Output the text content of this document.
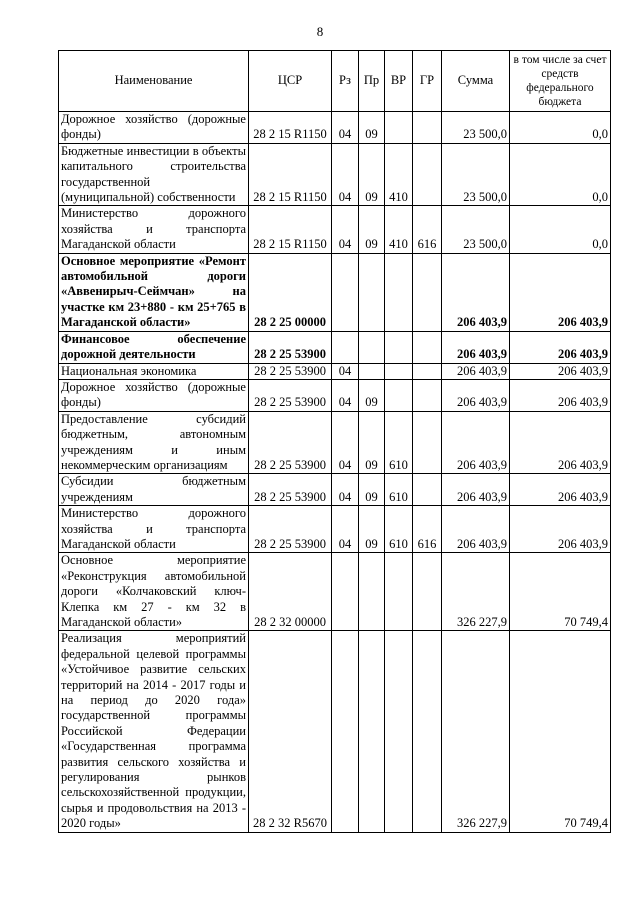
8
Наименование	ЦСР	Рз	Пр	ВР	ГР	Сумма	в том числе за счет средств федерального бюджета
Дорожное хозяйство (дорожные фонды)	28 2 15 R1150	04	09			23 500,0	0,0
Бюджетные инвестиции в объекты капитального строительства государственной (муниципальной) собственности	28 2 15 R1150	04	09	410		23 500,0	0,0
Министерство дорожного хозяйства и транспорта Магаданской области	28 2 15 R1150	04	09	410	616	23 500,0	0,0
Основное мероприятие «Ремонт автомобильной дороги «Аввенирыч-Сеймчан» на участке км 23+880 - км 25+765 в Магаданской области»	28 2 25 00000					206 403,9	206 403,9
Финансовое обеспечение дорожной деятельности	28 2 25 53900					206 403,9	206 403,9
Национальная экономика	28 2 25 53900	04				206 403,9	206 403,9
Дорожное хозяйство (дорожные фонды)	28 2 25 53900	04	09			206 403,9	206 403,9
Предоставление субсидий бюджетным, автономным учреждениям и иным некоммерческим организациям	28 2 25 53900	04	09	610		206 403,9	206 403,9
Субсидии бюджетным учреждениям	28 2 25 53900	04	09	610		206 403,9	206 403,9
Министерство дорожного хозяйства и транспорта Магаданской области	28 2 25 53900	04	09	610	616	206 403,9	206 403,9
Основное мероприятие «Реконструкция автомобильной дороги «Колчаковский ключ-Клепка км 27 - км 32 в Магаданской области»	28 2 32 00000					326 227,9	70 749,4
Реализация мероприятий федеральной целевой программы «Устойчивое развитие сельских территорий на 2014 - 2017 годы и на период до 2020 года» государственной программы Российской Федерации «Государственная программа развития сельского хозяйства и регулирования рынков сельскохозяйственной продукции, сырья и продовольствия на 2013 - 2020 годы»	28 2 32 R5670					326 227,9	70 749,4
